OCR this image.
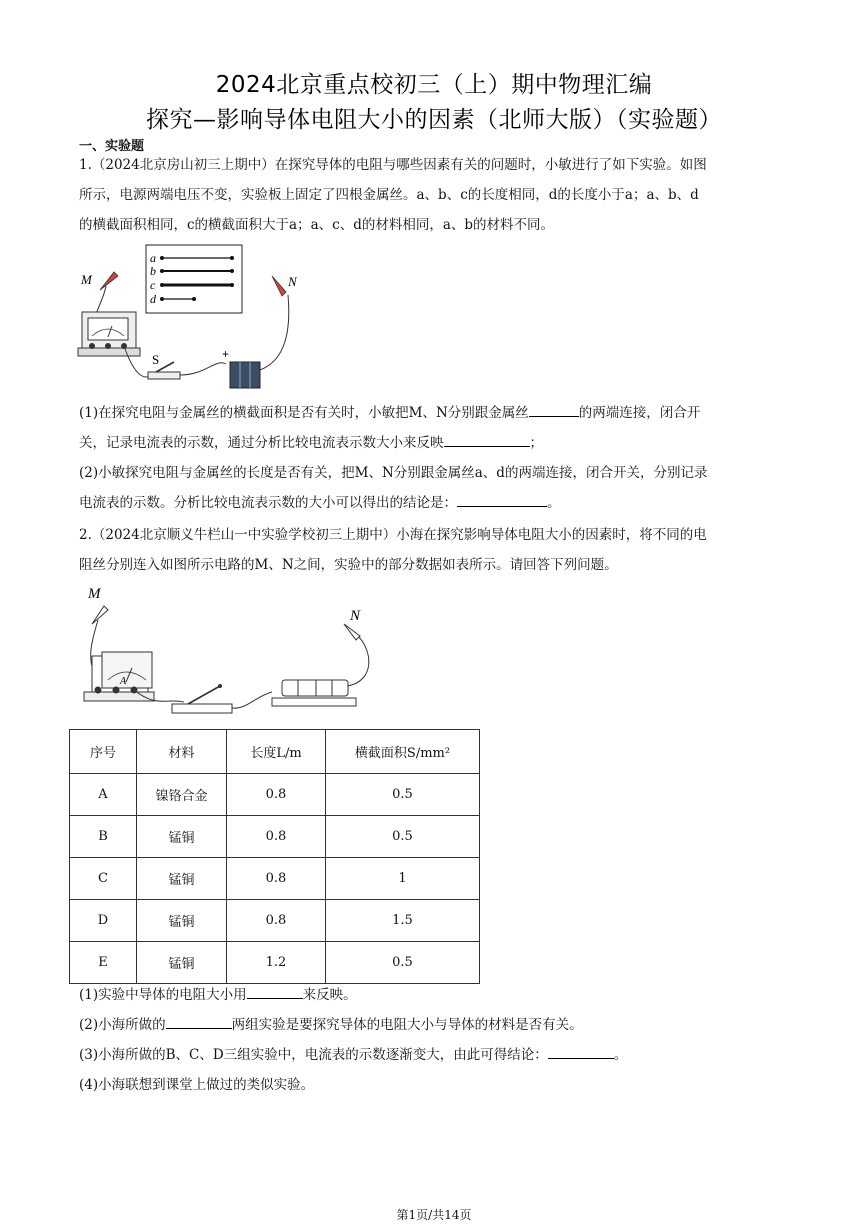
2024北京重点校初三（上）期中物理汇编
探究—影响导体电阻大小的因素（北师大版）（实验题）
一、实验题
1.（2024北京房山初三上期中）在探究导体的电阻与哪些因素有关的问题时，小敏进行了如下实验。如图
所示，电源两端电压不变，实验板上固定了四根金属丝。a、b、c的长度相同，d的长度小于a；a、b、d
的横截面积相同，c的横截面积大于a；a、c、d的材料相同，a、b的材料不同。
a
b
c
d
M
S	+
N
(1)在探究电阻与金属丝的横截面积是否有关时，小敏把M、N分别跟金属丝	的两端连接，闭合开
关，记录电流表的示数，通过分析比较电流表示数大小来反映	；
(2)小敏探究电阻与金属丝的长度是否有关，把M、N分别跟金属丝a、d的两端连接，闭合开关，分别记录
电流表的示数。分析比较电流表示数的大小可以得出的结论是：	。
2.（2024北京顺义牛栏山一中实验学校初三上期中）小海在探究影响导体电阻大小的因素时，将不同的电
阻丝分别连入如图所示电路的M、N之间，实验中的部分数据如表所示。请回答下列问题。
M
A
N
序号	材料	长度L/m	横截面积S/mm²
A	镍铬合金	0.8	0.5
B	锰铜	0.8	0.5
C	锰铜	0.8	1
D	锰铜	0.8	1.5
E	锰铜	1.2	0.5
(1)实验中导体的电阻大小用	来反映。
(2)小海所做的	两组实验是要探究导体的电阻大小与导体的材料是否有关。
(3)小海所做的B、C、D三组实验中，电流表的示数逐渐变大，由此可得结论：	。
(4)小海联想到课堂上做过的类似实验。
第1页/共14页
